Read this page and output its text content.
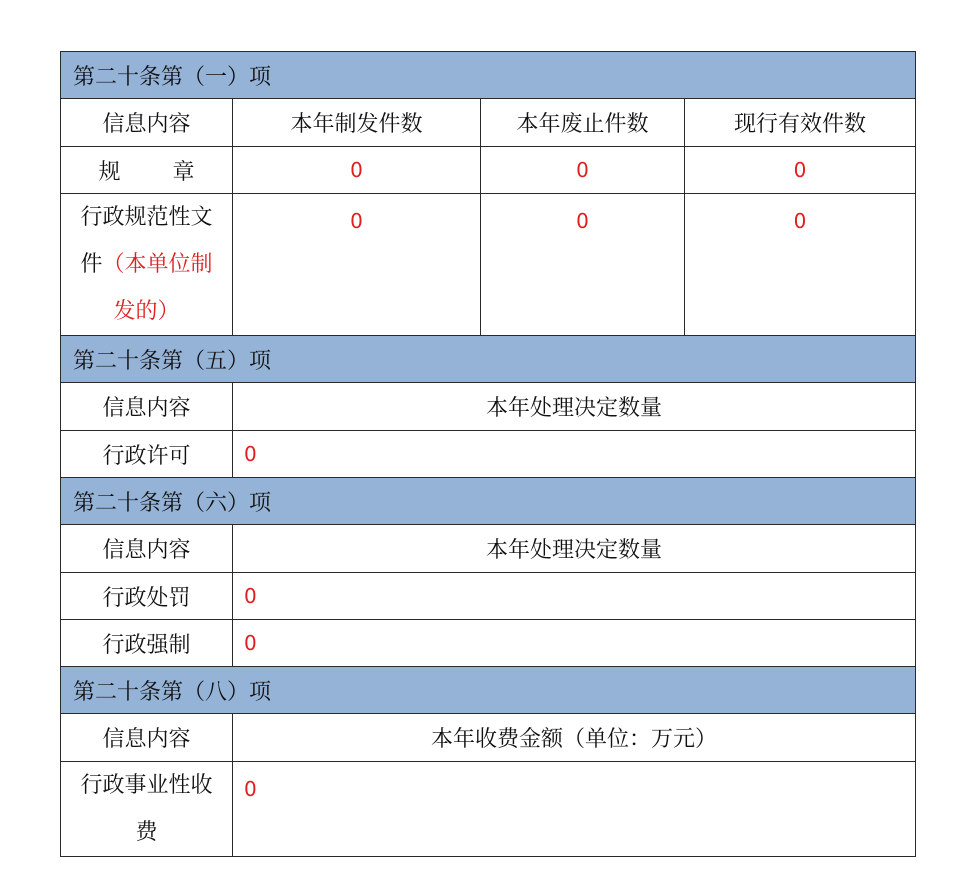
第二十条第（一）项			
信息内容	本年制发件数	本年废止件数	现行有效件数
规 章	0	0	0

行政规范性文
件（本单位制
发的）	0	0	0
第二十条第（五）项			
信息内容	本年处理决定数量		
行政许可	0		
第二十条第（六）项			
信息内容	本年处理决定数量		
行政处罚	0		
行政强制	0		
第二十条第（八）项			
信息内容	本年收费金额（单位：万元）		

行政事业性收
费	0		
